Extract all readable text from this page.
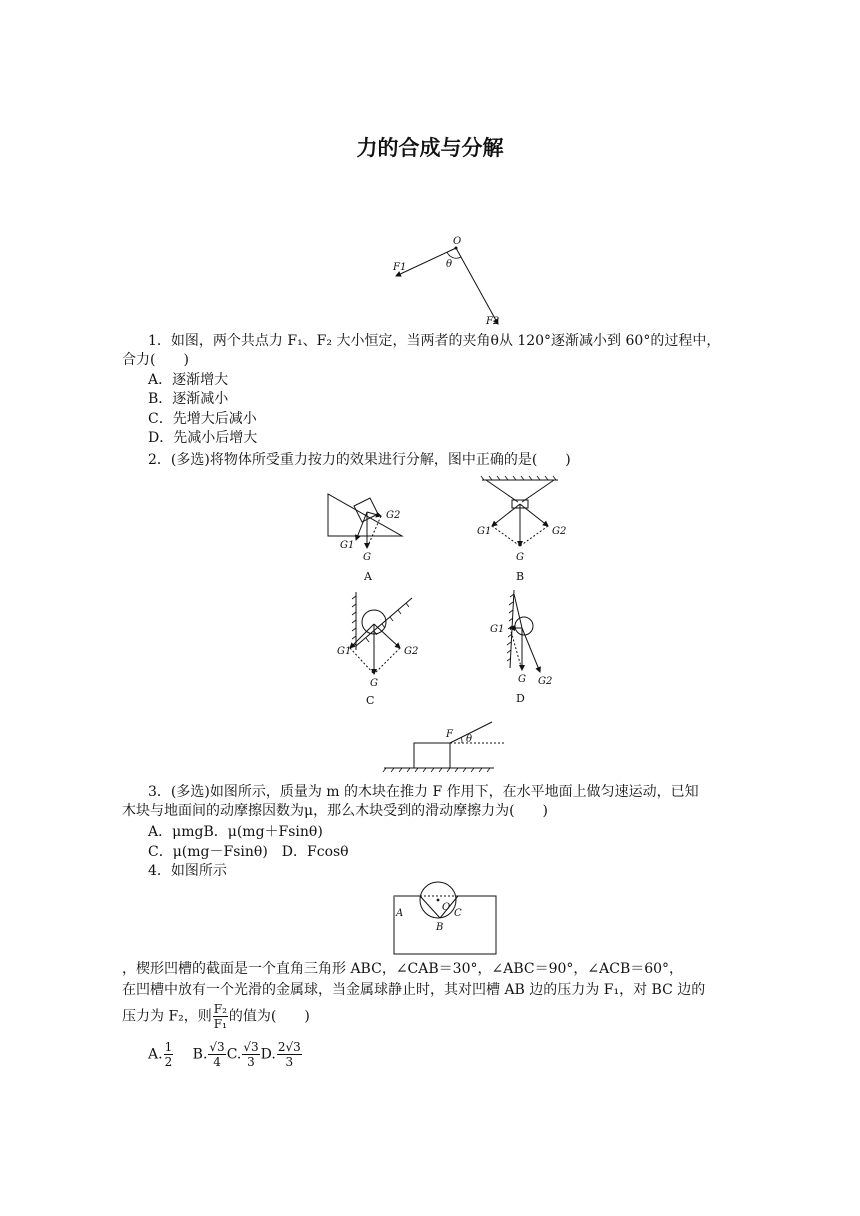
力的合成与分解
O
F1
F2
θ
1．如图，两个共点力 F₁、F₂ 大小恒定，当两者的夹角θ从 120°逐渐减小到 60°的过程中，
合力(　　)
A．逐渐增大
B．逐渐减小
C．先增大后减小
D．先减小后增大
2．(多选)将物体所受重力按力的效果进行分解，图中正确的是(　　)
G2
G1
G
A
G1	G2
G
B
G1	G2
G
C
G1
G G2
D
F θ
3．(多选)如图所示，质量为 m 的木块在推力 F 作用下，在水平地面上做匀速运动，已知
木块与地面间的动摩擦因数为μ，那么木块受到的滑动摩擦力为(　　)
A．μmgB．μ(mg＋Fsinθ)
C．μ(mg－Fsinθ)　D．Fcosθ
4．如图所示
A
B
C
O
，楔形凹槽的截面是一个直角三角形 ABC，∠CAB＝30°，∠ABC＝90°，∠ACB＝60°，
在凹槽中放有一个光滑的金属球，当金属球静止时，其对凹槽 AB 边的压力为 F₁，对 BC 边的
压力为 F₂，则 $\frac{\text{F₂}}{\text{F₁}}$ 的值为(　　)
A. $\frac{1}{2}$
　 B. $\frac{√3}{4} C$. $\frac{√3}{3} D$. $\frac{2√3}{3}$
